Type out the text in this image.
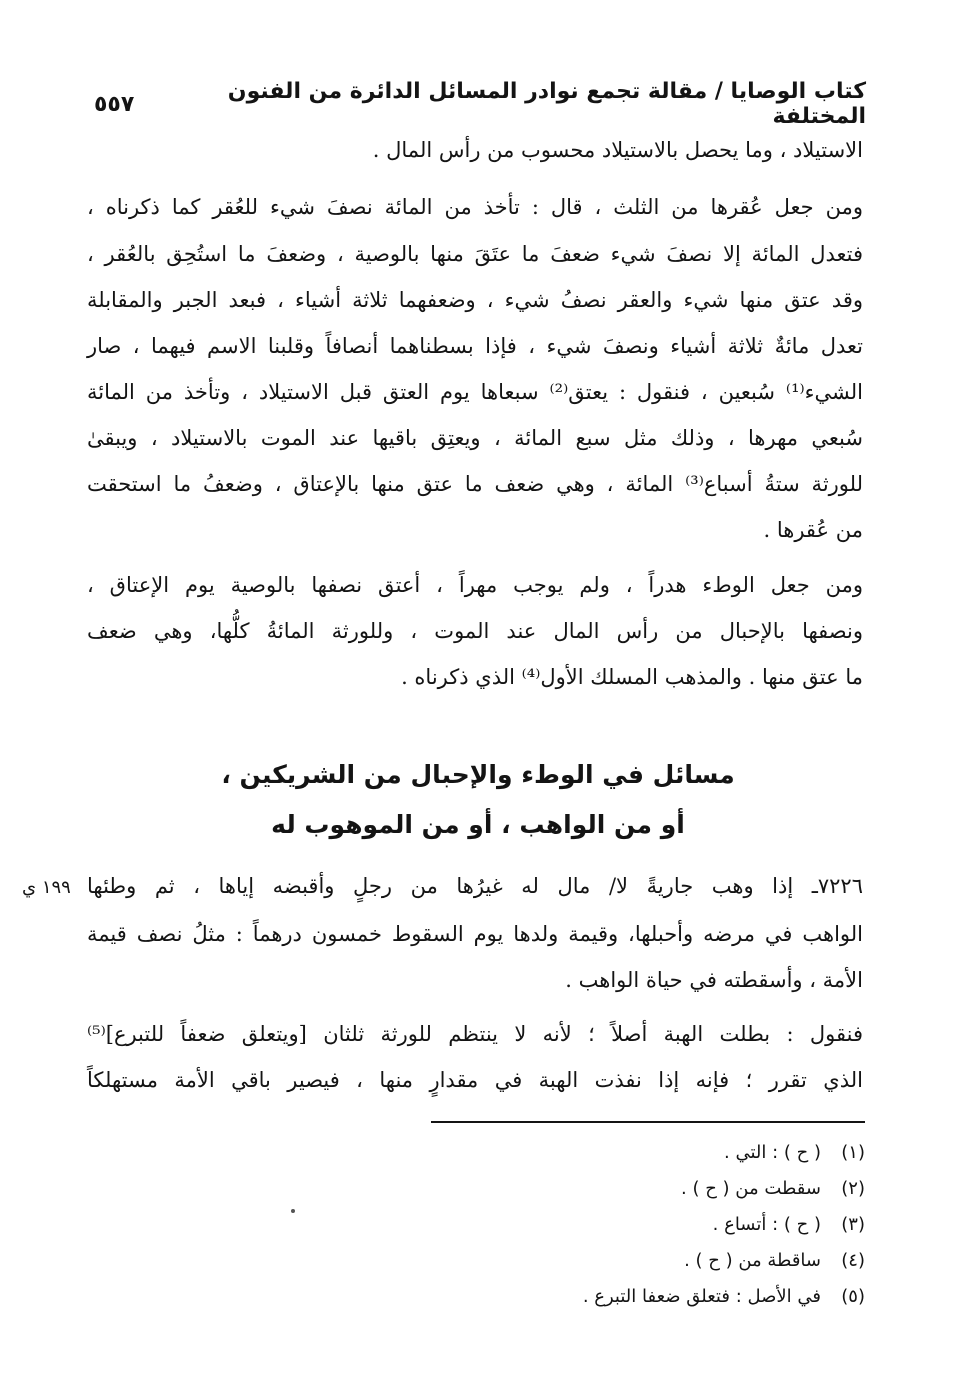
كتاب الوصايا / مقالة تجمع نوادر المسائل الدائرة من الفنون المختلفة
٥٥٧
الاستيلاد ، وما يحصل بالاستيلاد محسوب من رأس المال .
ومن جعل عُقرها من الثلث ، قال : تأخذ من المائة نصفَ شيء للعُقر كما ذكرناه ،
فتعدل المائة إلا نصفَ شيء ضعفَ ما عتَقَ منها بالوصية ، وضعفَ ما استُحِق بالعُقر ،
وقد عتق منها شيء والعقر نصفُ شيء ، وضعفهما ثلاثة أشياء ، فبعد الجبر والمقابلة
تعدل مائةٌ ثلاثة أشياء ونصفَ شيء ، فإذا بسطناهما أنصافاً وقلبنا الاسم فيهما ، صار
الشيء⁽¹⁾ سُبعين ، فنقول : يعتق⁽²⁾ سبعاها يوم العتق قبل الاستيلاد ، وتأخذ من المائة
سُبعي مهرها ، وذلك مثل سبع المائة ، ويعتِق باقيها عند الموت بالاستيلاد ، ويبقىٰ
للورثة ستةُ أسباع⁽³⁾ المائة ، وهي ضعف ما عتق منها بالإعتاق ، وضعفُ ما استحقت
من عُقرها .
ومن جعل الوطء هدراً ، ولم يوجب مهراً ، أعتق نصفها بالوصية يوم الإعتاق ،
ونصفها بالإحبال من رأس المال عند الموت ، وللورثة المائةُ كلُّها، وهي ضعف
ما عتق منها . والمذهب المسلك الأول⁽⁴⁾ الذي ذكرناه .
مسائل في الوطء والإحبال من الشريكين ،
أو من الواهب ، أو من الموهوب له
١٩٩ ي ٧٢٢٦ـ إذا وهب جاريةً لا/ مال له غيرُها من رجلٍ وأقبضه إياها ، ثم وطئها
الواهب في مرضه وأحبلها، وقيمة ولدها يوم السقوط خمسون درهماً : مثلُ نصف قيمة
الأمة ، وأسقطته في حياة الواهب .
فنقول : بطلت الهبة أصلاً ؛ لأنه لا ينتظم للورثة ثلثان [ويتعلق ضعفاً للتبرع]⁽⁵⁾
الذي تقرر ؛ فإنه إذا نفذت الهبة في مقدارٍ منها ، فيصير باقي الأمة مستهلكاً
(١)( ح ) : التي .
(٢)سقطت من ( ح ) .
(٣)( ح ) : أتساع .
(٤)ساقطة من ( ح ) .
(٥)في الأصل : فتعلق ضعفا التبرع .
